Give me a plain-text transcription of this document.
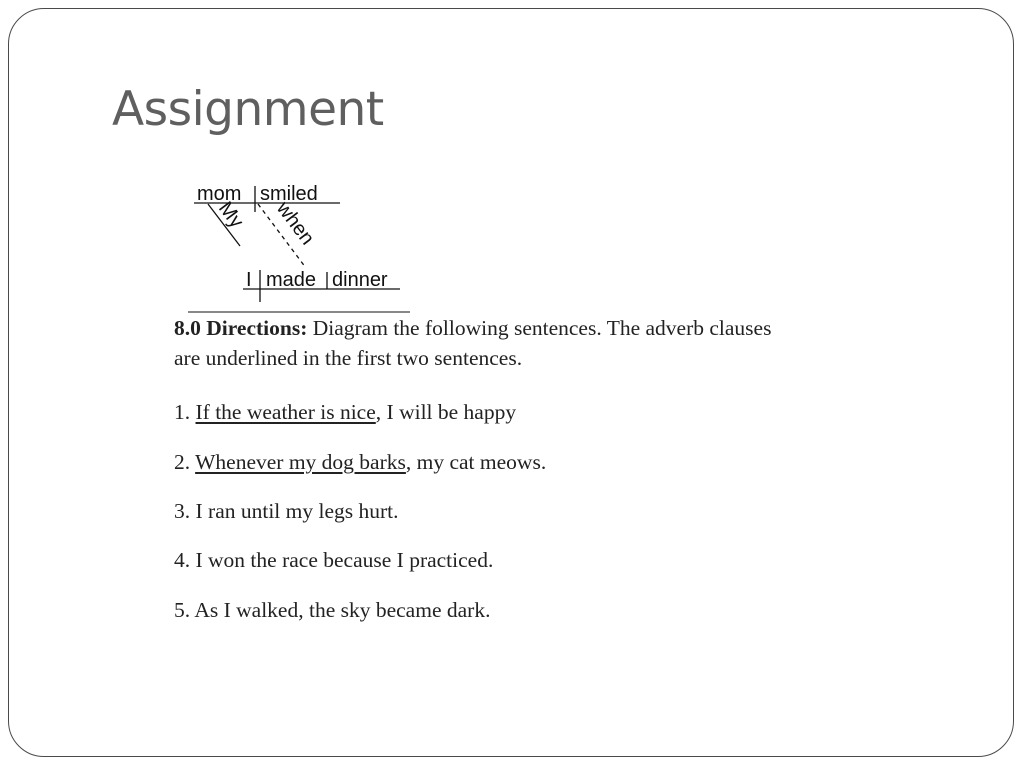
Assignment
mom smiled
My when
I made dinner
8.0 Directions: Diagram the following sentences. The adverb clauses
are underlined in the first two sentences.
1. If the weather is nice, I will be happy
2. Whenever my dog barks, my cat meows.
3. I ran until my legs hurt.
4. I won the race because I practiced.
5. As I walked, the sky became dark.
